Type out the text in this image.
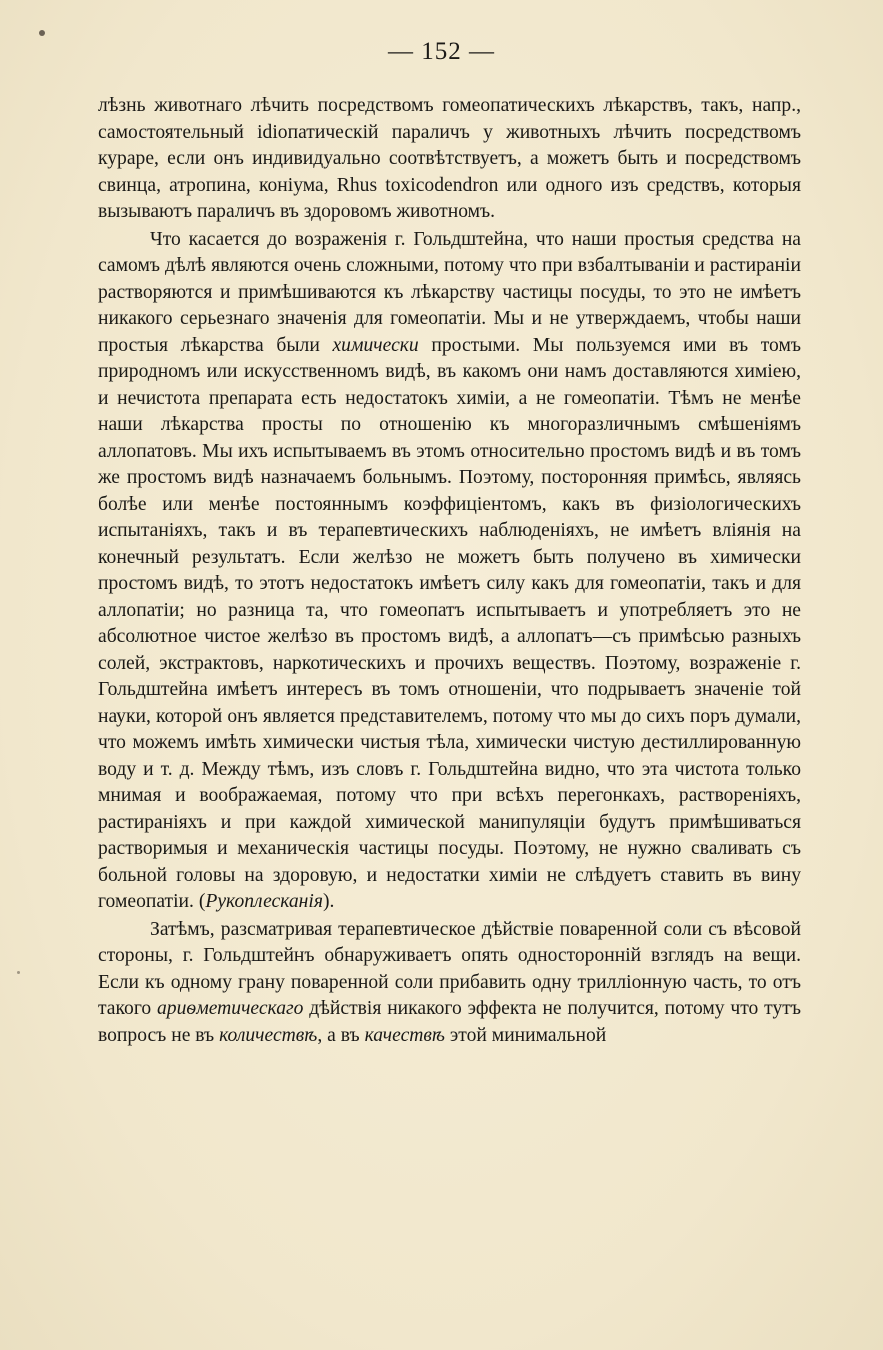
— 152 —

лѣзнь животнаго лѣчить посредствомъ гомеопатическихъ лѣкарствъ, такъ, напр., самостоятельный idiопатическій параличъ у животныхъ лѣчить посредствомъ кураре, если онъ индивидуально соотвѣтствуетъ, а можетъ быть и посредствомъ свинца, атропина, конiума, Rhus toxicodendron или одного изъ средствъ, которыя вызываютъ параличъ въ здоровомъ животномъ.

Что касается до возраженія г. Гольдштейна, что наши простыя средства на самомъ дѣлѣ являются очень сложными, потому что при взбалтываніи и растираніи растворяются и примѣшиваются къ лѣкарству частицы посуды, то это не имѣетъ никакого серьезнаго значенія для гомеопатіи. Мы и не утверждаемъ, чтобы наши простыя лѣкарства были химически простыми. Мы пользуемся ими въ томъ природномъ или искусственномъ видѣ, въ какомъ они намъ доставляются химіею, и нечистота препарата есть недостатокъ химіи, а не гомеопатіи. Тѣмъ не менѣе наши лѣкарства просты по отношенію къ многоразличнымъ смѣшеніямъ аллопатовъ. Мы ихъ испытываемъ въ этомъ относительно простомъ видѣ и въ томъ же простомъ видѣ назначаемъ больнымъ. Поэтому, посторонняя примѣсь, являясь болѣе или менѣе постояннымъ коэффиціентомъ, какъ въ физіологическихъ испытаніяхъ, такъ и въ терапевтическихъ наблюденіяхъ, не имѣетъ вліянія на конечный результатъ. Если желѣзо не можетъ быть получено въ химически простомъ видѣ, то этотъ недостатокъ имѣетъ силу какъ для гомеопатіи, такъ и для аллопатіи; но разница та, что гомеопатъ испытываетъ и употребляетъ это не абсолютное чистое желѣзо въ простомъ видѣ, а аллопатъ—съ примѣсью разныхъ солей, экстрактовъ, наркотическихъ и прочихъ веществъ. Поэтому, возраженіе г. Гольдштейна имѣетъ интересъ въ томъ отношеніи, что подрываетъ значеніе той науки, которой онъ является представителемъ, потому что мы до сихъ поръ думали, что можемъ имѣть химически чистыя тѣла, химически чистую дестиллированную воду и т. д. Между тѣмъ, изъ словъ г. Гольдштейна видно, что эта чистота только мнимая и воображаемая, потому что при всѣхъ перегонкахъ, раствореніяхъ, растираніяхъ и при каждой химической манипуляціи будутъ примѣшиваться растворимыя и механическія частицы посуды. Поэтому, не нужно сваливать съ больной головы на здоровую, и недостатки химіи не слѣдуетъ ставить въ вину гомеопатіи. (Рукоплесканія).

Затѣмъ, разсматривая терапевтическое дѣйствіе поваренной соли съ вѣсовой стороны, г. Гольдштейнъ обнаруживаетъ опять односторонній взглядъ на вещи. Если къ одному грану поваренной соли прибавить одну трилліонную часть, то отъ такого ариѳметическаго дѣйствія никакого эффекта не получится, потому что тутъ вопросъ не въ количествѣ, а въ качествѣ этой минимальной
